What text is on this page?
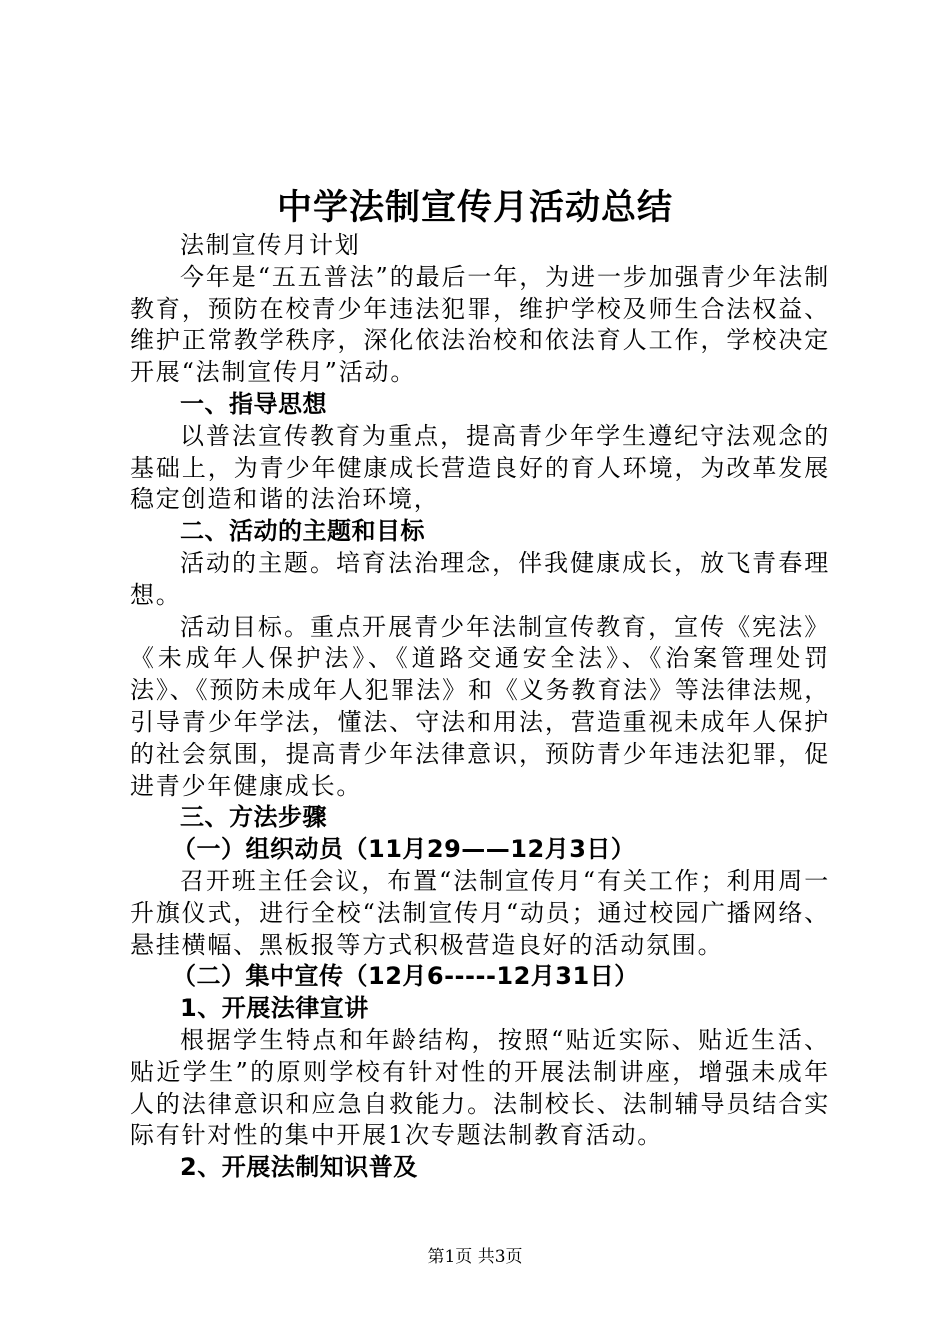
中学法制宣传月活动总结

法制宣传月计划

今年是“五五普法”的最后一年，为进一步加强青少年法制教育，预防在校青少年违法犯罪，维护学校及师生合法权益、维护正常教学秩序，深化依法治校和依法育人工作，学校决定开展“法制宣传月”活动。

一、指导思想

以普法宣传教育为重点，提高青少年学生遵纪守法观念的基础上，为青少年健康成长营造良好的育人环境，为改革发展稳定创造和谐的法治环境，

二、活动的主题和目标

活动的主题。培育法治理念，伴我健康成长，放飞青春理想。

活动目标。重点开展青少年法制宣传教育，宣传《宪法》《未成年人保护法》、《道路交通安全法》、《治案管理处罚法》、《预防未成年人犯罪法》和《义务教育法》等法律法规，引导青少年学法，懂法、守法和用法，营造重视未成年人保护的社会氛围，提高青少年法律意识，预防青少年违法犯罪，促进青少年健康成长。

三、方法步骤

（一）组织动员（11月29——12月3日）

召开班主任会议，布置“法制宣传月“有关工作；利用周一升旗仪式，进行全校“法制宣传月“动员；通过校园广播网络、悬挂横幅、黑板报等方式积极营造良好的活动氛围。

（二）集中宣传（12月6-----12月31日）

1、开展法律宣讲

根据学生特点和年龄结构，按照“贴近实际、贴近生活、贴近学生”的原则学校有针对性的开展法制讲座，增强未成年人的法律意识和应急自救能力。法制校长、法制辅导员结合实际有针对性的集中开展1次专题法制教育活动。

2、开展法制知识普及

第1页 共3页
